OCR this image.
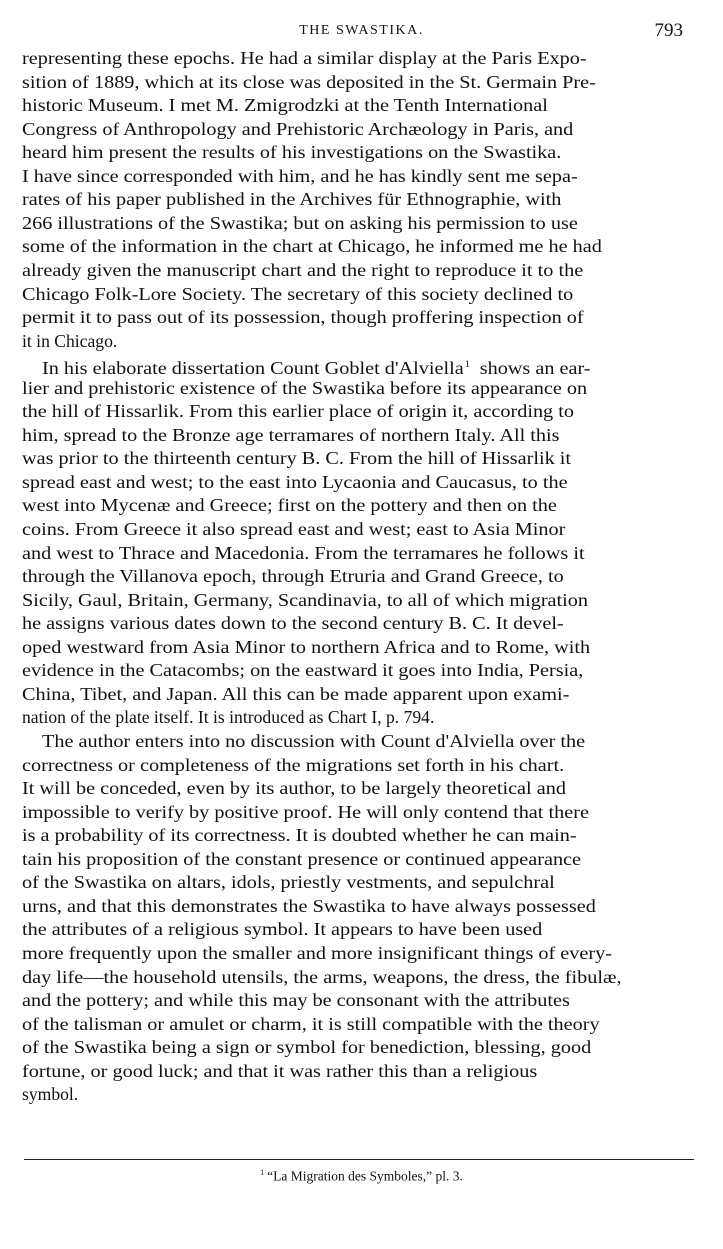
THE SWASTIKA.	793
representing these epochs. He had a similar display at the Paris Expo-
sition of 1889, which at its close was deposited in the St. Germain Pre-
historic Museum. I met M. Zmigrodzki at the Tenth International
Congress of Anthropology and Prehistoric Archæology in Paris, and
heard him present the results of his investigations on the Swastika.
I have since corresponded with him, and he has kindly sent me sepa-
rates of his paper published in the Archives für Ethnographie, with
266 illustrations of the Swastika; but on asking his permission to use
some of the information in the chart at Chicago, he informed me he had
already given the manuscript chart and the right to reproduce it to the
Chicago Folk-Lore Society. The secretary of this society declined to
permit it to pass out of its possession, though proffering inspection of
it in Chicago.
In his elaborate dissertation Count Goblet d'Alviella$^1$ shows an ear-
lier and prehistoric existence of the Swastika before its appearance on
the hill of Hissarlik. From this earlier place of origin it, according to
him, spread to the Bronze age terramares of northern Italy. All this
was prior to the thirteenth century B. C. From the hill of Hissarlik it
spread east and west; to the east into Lycaonia and Caucasus, to the
west into Mycenæ and Greece; first on the pottery and then on the
coins. From Greece it also spread east and west; east to Asia Minor
and west to Thrace and Macedonia. From the terramares he follows it
through the Villanova epoch, through Etruria and Grand Greece, to
Sicily, Gaul, Britain, Germany, Scandinavia, to all of which migration
he assigns various dates down to the second century B. C. It devel-
oped westward from Asia Minor to northern Africa and to Rome, with
evidence in the Catacombs; on the eastward it goes into India, Persia,
China, Tibet, and Japan. All this can be made apparent upon exami-
nation of the plate itself. It is introduced as Chart I, p. 794.
The author enters into no discussion with Count d'Alviella over the
correctness or completeness of the migrations set forth in his chart.
It will be conceded, even by its author, to be largely theoretical and
impossible to verify by positive proof. He will only contend that there
is a probability of its correctness. It is doubted whether he can main-
tain his proposition of the constant presence or continued appearance
of the Swastika on altars, idols, priestly vestments, and sepulchral
urns, and that this demonstrates the Swastika to have always possessed
the attributes of a religious symbol. It appears to have been used
more frequently upon the smaller and more insignificant things of every-
day life—the household utensils, the arms, weapons, the dress, the fibulæ,
and the pottery; and while this may be consonant with the attributes
of the talisman or amulet or charm, it is still compatible with the theory
of the Swastika being a sign or symbol for benediction, blessing, good
fortune, or good luck; and that it was rather this than a religious
symbol.
$^1$ “La Migration des Symboles,” pl. 3.
